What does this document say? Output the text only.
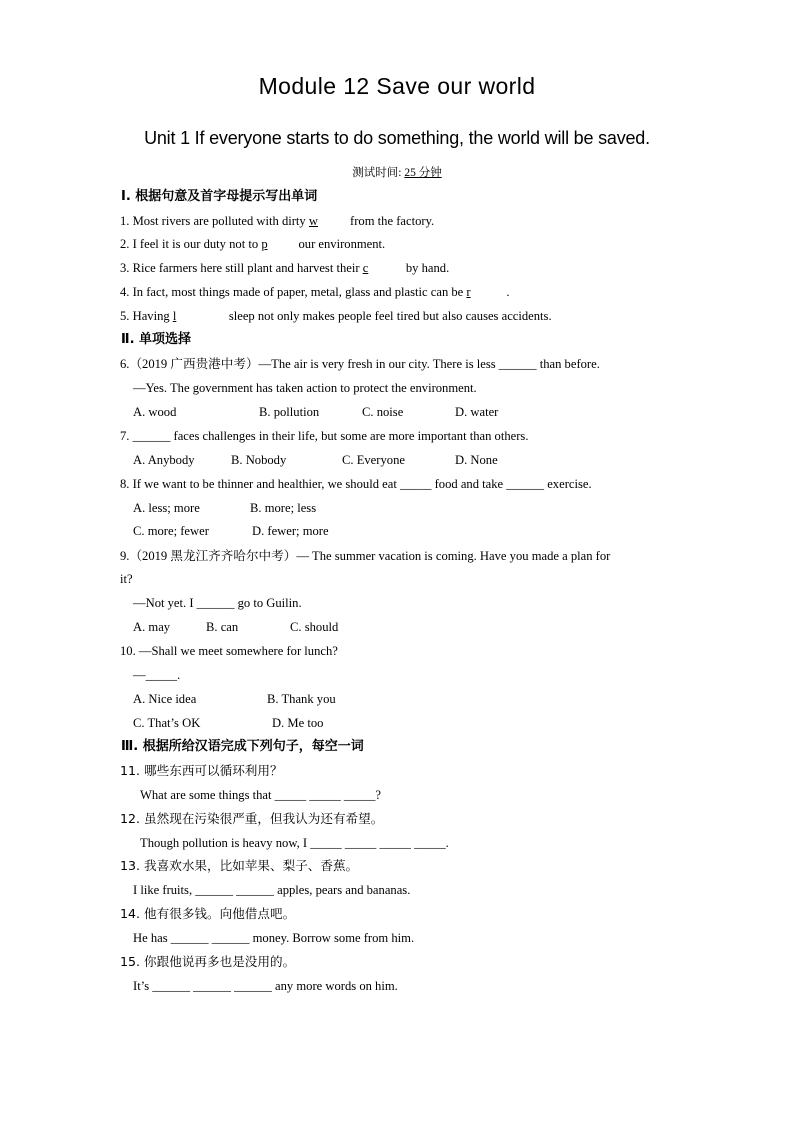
Module 12 Save our world
Unit 1 If everyone starts to do something, the world will be saved.
测试时间: 25 分钟
Ⅰ. 根据句意及首字母提示写出单词
1. Most rivers are polluted with dirty w	from the factory.
2. I feel it is our duty not to p our environment.
3. Rice farmers here still plant and harvest their c	by hand.
4. In fact, most things made of paper, metal, glass and plastic can be r	.
5. Having l	sleep not only makes people feel tired but also causes accidents.
Ⅱ. 单项选择
6.（2019 广西贵港中考）—The air is very fresh in our city. There is less ______ than before.
—Yes. The government has taken action to protect the environment.
A. wood	B. pollution	C. noise	D. water
7. ______ faces challenges in their life, but some are more important than others.
A. Anybody	B. Nobody	C. Everyone	D. None
8. If we want to be thinner and healthier, we should eat _____ food and take ______ exercise.
A. less; more	B. more; less
C. more; fewer	D. fewer; more
9.（2019 黑龙江齐齐哈尔中考）— The summer vacation is coming. Have you made a plan for
it?
—Not yet. I ______ go to Guilin.
A. may	B. can	C. should
10. —Shall we meet somewhere for lunch?
—_____.
A. Nice idea	B. Thank you
C. That’s OK	D. Me too
Ⅲ. 根据所给汉语完成下列句子，每空一词
11. 哪些东西可以循环利用？
What are some things that _____ _____ _____?
12. 虽然现在污染很严重，但我认为还有希望。
Though pollution is heavy now, I _____ _____ _____ _____.
13. 我喜欢水果，比如苹果、梨子、香蕉。
I like fruits, ______ ______ apples, pears and bananas.
14. 他有很多钱。向他借点吧。
He has ______ ______ money. Borrow some from him.
15. 你跟他说再多也是没用的。
It’s ______ ______ ______ any more words on him.
